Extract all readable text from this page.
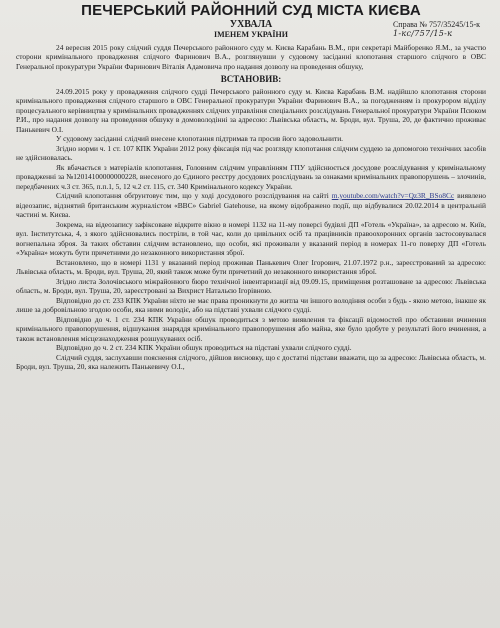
ПЕЧЕРСЬКИЙ РАЙОННИЙ СУД МІСТА КИЄВА
УХВАЛА
ІМЕНЕМ УКРАЇНИ
Справа № 757/35245/15-к
1-кс/757/15-к

24 вересня 2015 року слідчий суддя Печерського районного суду м. Києва Карабань В.М., при секретарі Майборенко Я.М., за участю сторони кримінального провадження слідчого Фаринович В.А., розглянувши у судовому засіданні клопотання старшого слідчого в ОВС Генеральної прокуратури України Фаринович Віталія Адамовича про надання дозволу на проведення обшуку,

ВСТАНОВИВ:

24.09.2015 року у провадження слідчого судді Печерського районного суду м. Києва Карабань В.М. надійшло клопотання сторони кримінального провадження слідчого старшого в ОВС Генеральної прокуратури України Фаринович В.А., за погодженням із прокурором відділу процесуального керівництва у кримінальних провадженнях слідчих управління спеціальних розслідувань Генеральної прокуратури України Псюком Р.И., про надання дозволу на проведення обшуку в домоволодінні за адресою: Львівська область, м. Броди, вул. Труша, 20, де фактично проживає Панькевич О.І.

У судовому засіданні слідчий внесене клопотання підтримав та просив його задовольнити.

Згідно норми ч. 1 ст. 107 КПК України 2012 року фіксація під час розгляду клопотання слідчим суддею за допомогою технічних засобів не здійснювалась.

Як вбачається з матеріалів клопотання, Головним слідчим управлінням ГПУ здійснюється досудове розслідування у кримінальному провадженні за №12014100000000228, внесеного до Єдиного реєстру досудових розслідувань за ознаками кримінальних правопорушень – злочинів, передбачених ч.3 ст. 365, п.п.1, 5, 12 ч.2 ст. 115, ст. 340 Кримінального кодексу України.

Слідчий клопотання обґрунтовує тим, що у ході досудового розслідування на сайті m.youtube.com/watch?v=Qz3R_BSo8Cc виявлено відеозапис, відзнятий британським журналістом «BBC» Gabriel Gatehouse, на якому відображено події, що відбувалися 20.02.2014 в центральній частині м. Києва.

Зокрема, на відеозапису зафіксоване відкрите вікно в номері 1132 на 11-му поверсі будівлі ДП «Готель «Україна», за адресою м. Київ, вул. Інститутська, 4, з якого здійснювались постріли, в той час, коли до цивільних осіб та працівників правоохоронних органів застосовувалася вогнепальна зброя. За таких обставин слідчим встановлено, що особи, які проживали у вказаний період в номерах 11-го поверху ДП «Готель «Україна» можуть бути причетними до незаконного використання зброї.

Встановлено, що в номері 1131 у вказаний період проживав Панькевич Олег Ігорович, 21.07.1972 р.н., зареєстрований за адресою: Львівська область, м. Броди, вул. Труша, 20, який також може бути причетний до незаконного використання зброї.

Згідно листа Золочівського міжрайонного бюро технічної інвентаризації від 09.09.15, приміщення розташоване за адресою: Львівська область, м. Броди, вул. Труша, 20, зареєстровані за Вихрист Натальєю Ігорівною.

Відповідно до ст. 233 КПК України ніхто не має права проникнути до житла чи іншого володіння особи з будь - якою метою, інакше як лише за добровільною згодою особи, яка ними володіє, або на підставі ухвали слідчого судді.

Відповідно до ч. 1 ст. 234 КПК України обшук проводиться з метою виявлення та фіксації відомостей про обставини вчинення кримінального правопорушення, відшукання знаряддя кримінального правопорушення або майна, яке було здобуте у результаті його вчинення, а також встановлення місцезнаходження розшукуваних осіб.

Відповідно до ч. 2 ст. 234 КПК України обшук проводиться на підставі ухвали слідчого судді.

Слідчий суддя, заслухавши пояснення слідчого, дійшов висновку, що є достатні підстави вважати, що за адресою: Львівська область, м. Броди, вул. Труша, 20, яка належить Панькевичу О.І.,
